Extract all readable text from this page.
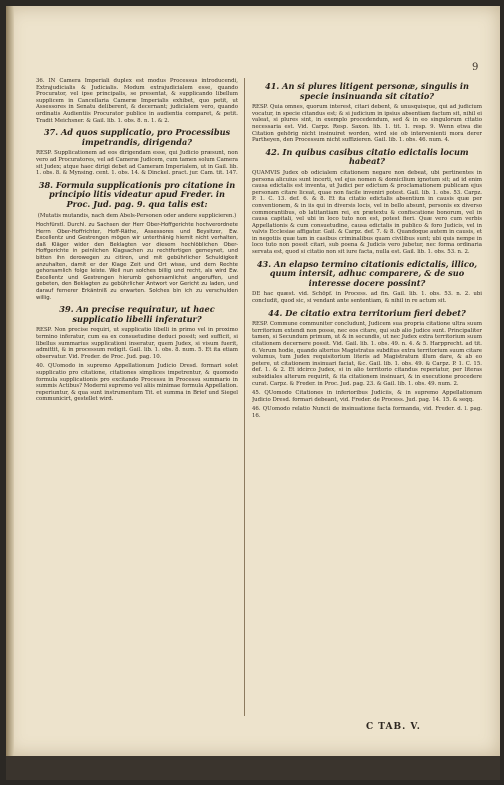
9
36. IN Camera Imperiali duplex est modus Processus introducendi, Extrajudicialis & Judicialis. Modum extrajudicialem esse, quando Procurator, vel ipse principalis, se presentat, & supplicando libellum supplicem in Cancellaria Cameræ Imperialis exhibet, quo petit, ut Assessores in Senatu deliberent, & decernant; judicialem vero, quando ordinatis Audientiis Procurator publice in audientia comparet, & petit. Tradit Meichsner. & Gail. lib. 1. obs. 8. n. 1. & 2.
37. Ad quos supplicatio, pro Processibus impetrandis, dirigenda?
RESP. Supplicationem ad eos dirigendam esse, qui Judicio præsunt, non vero ad Procuratores, vel ad Cameræ Judicem, cum tamen solum Camera sit Judex; atque haec dirigi debet ad Cameram Imperialem, ut in Gail. lib. 1. obs. 8. & Mynsing. cent. 1. obs. 14. & Dinckel. pract. jur. Cam. tit. 147.
38. Formula supplicationis pro citatione in principio litis videatur apud Freder. in Proc. Jud. pag. 9. qua talis est:
(Mutatis mutandis, nach dem Abels-Personen oder andere supplicieren.)
Hochfürstl. Durchl. zu Sachsen der Herr Ober-Hoffgerichte hochverordnete Herrn Ober-Hoffrichter, Hoff-Räthe, Assessores und Beysitzer, Ew. Excellentz und Gestrengen mögen wir unterthänig hiemit nicht verhalten, daß Kläger wider den Beklagten vor diesem hochlöblichen Ober-Hoffgerichte in peinlichen Klagsachen zu rechtfertigen gemeynet, und bitten ihn derowegen zu citiren, und mit gebührlicher Schuldigkeit anzuhalten, damit er der Klage Zeit und Ort wisse, und dem Rechte gehorsamlich folge leiste. Weil nun solches billig und recht, als wird Ew. Excellentz und Gestrengen hierumb gehorsamlichst angeruffen, und gebeten, den Beklagten zu gebührlicher Antwort vor Gericht zu laden, und darauf fernerer Erkäntniß zu erwarten. Solches bin ich zu verschulden willig.
39. An precise requiratur, ut haec supplicatio libelli inferatur?
RESP. Non precise requiri, ut supplicatio libelli in primo vel in proximo termino inferatur, cum ea ex consuetudine deduci possit; sed sufficit, si libellus summarius supplicationi inseratur, quem Judex, si visum fuerit, admittit, & in processum redigit. Gail. lib. 1. obs. 8. num. 5. Et ita etiam observatur. Vid. Freder. de Proc. Jud. pag. 10.
40. QUomodo in supremo Appellationum Judicio Dresd. formari solet supplicatio pro citatione, citationes simplices impetrentur, & quomodo formula supplicationis pro excitando Processu in Processu summario in summis Actibus? Moderni supremo vel aliis minimae formula Appellation. reperiuntur, & qua sunt instrumentum Tit. et summa in Brief und Siegel communicirt, gestellet wird.
41. An si plures litigent personæ, singulis in specie insinuanda sit citatio?
RESP. Quia omnes, quorum interest, citari debent, & unusquisque, qui ad judicium vocatur, in specie citandus est; & si judicium in ipsius absentiam factum sit, nihil ei valeat, si plures sint, in exemplo procedendum, sed & in eo singulorum citatio necessaria est. Vid. Carpz. Resp. Saxon. lib. 1. tit. 1. resp. 9. Wenn etwa die Citation gehörig nicht insinuiret worden, wird sie ob intervenienti mora derer Partheyen, den Processum nicht suffizieren. Gail. lib. 1. obs. 46. num. 4.
42. In quibus casibus citatio edictalis locum habeat?
QUAMVIS Judex ob odicialem citationem negare non debeat, ubi pertinentes in persona alicuius sunt incerti, vel ejus nomen & domicilium ignotum sit; ad id enim causa edictalis est inventa, ut Judici per edictum & proclamationem publicam ejus personam citare liceat, quae non facile inveniri potest. Gail. lib. 1. obs. 53. Carpz. P. 1. C. 13. def. 6. & 8. Et ita citatio edictalis absentium in causis quæ per conventionem, & in iis qui in diversis locis, vel in bello absunt, personis ex diverso commorantibus, ob latitantiam rei, ex prætextu & confiscatione bonorum, vel in causa capitali, vel ubi in loco tuto non est, potest fieri. Quæ vero cum verbis Appellationis & cum consuetudine, causa edictalis in publico & foro Judicis, vel in valvis Ecclesiae affigatur. Gail. & Carpz. def. 7. & 8. Quandoque autem in causis, et in negotiis quæ tam in casibus criminalibus quam civilibus sunt; ubi quis nempe in loco tuto non possit citari, sub poena & Judicis vero jubetur, nec forma ordinaria servata est, quod si citatio non sit iure facta, nulla est. Gail. lib. 1. obs. 53. n. 2.
43. An elapso termino citationis edictalis, illico, quum intersit, adhuc comparere, & de suo interesse docere possint?
DE hac quæst. vid. Schöpf. in Process. ad fin. Gail. lib. 1. obs. 53. n. 2. ubi concludit, quod sic, si vendant ante sententiam, & nihil in re actum sit.
44. De citatio extra territorium fieri debet?
RESP. Commune communiter concludunt, Judicem sua propria citatione ultra suum territorium extendi non posse, nec eos citare, qui sub alio Judice sunt. Principaliter tamen, si Secundum primum, ut & in secundis, ut nec Judex extra territorium suum citationem decernere possit. Vid. Gail. lib. 1. obs. 49. n. 4. & 5. Harpprecht. ad tit. 6. Verum hodie, quando alterius Magistratus subditus extra territorium suum citare volumus, tum Judex requisitorium literis ad Magistratum illum dare, & ab eo petere, ut citationem insinuari faciat, &c. Gail. lib. 1. obs. 49. & Carpz. P. 1. C. 15. def. 1. & 2. Et idcirco Judex, si in alio territorio citandus reperiatur, per literas subsidiales alterum requirit, & ita citationem insinuari, & in executione procedere curat. Carpz. & Freder. in Proc. Jud. pag. 23. & Gail. lib. 1. obs. 49. num. 2.
45. QUomodo Citationes in inferioribus Judiciis, & in supremo Appellationum Judicio Dresd. formari debeant, vid. Freder. de Process. Jud. pag. 14. 15. & seqq.
46. QUomodo relatio Nuncii de insinuatione facta formanda, vid. Freder. d. l. pag. 16.
C TAB. V.
